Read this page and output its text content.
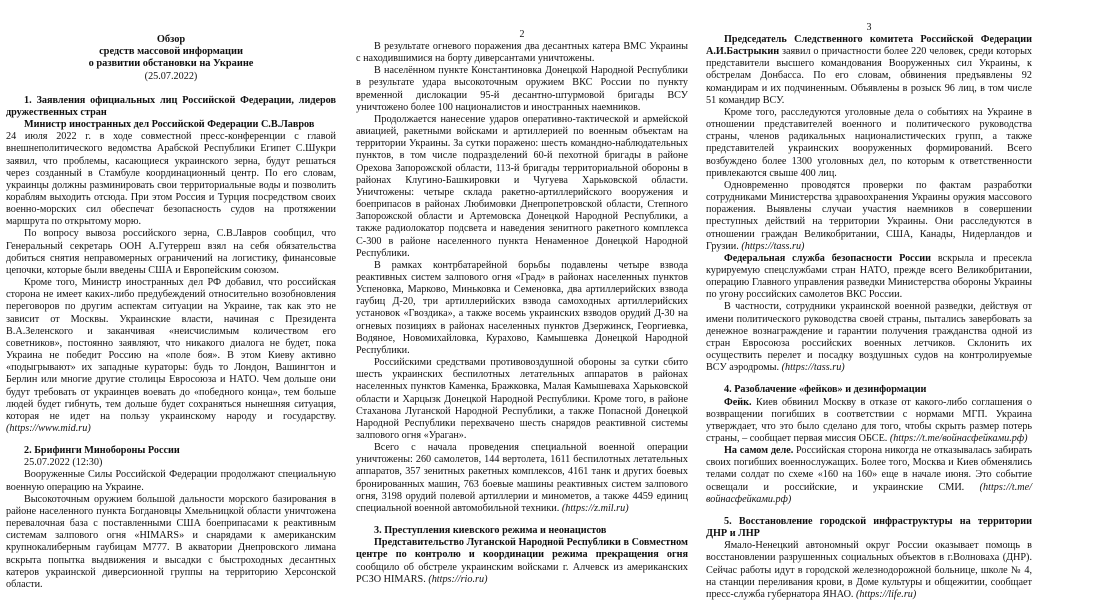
Обзор
средств массовой информации
о развитии обстановки на Украине
(25.07.2022)

1. Заявления официальных лиц Российской Федерации, лидеров дружественных стран

Министр иностранных дел Российской Федерации С.В.Лавров

24 июля 2022 г. в ходе совместной пресс-конференции с главой внешнеполитического ведомства Арабской Республики Египет С.Шукри заявил, что проблемы, касающиеся украинского зерна, будут решаться через созданный в Стамбуле координационный центр. По его словам, украинцы должны разминировать свои территориальные воды и позволить кораблям выходить отсюда. При этом Россия и Турция посредством своих военно-морских сил обеспечат безопасность судов на протяжении маршрута по открытому морю.

По вопросу вывоза российского зерна, С.В.Лавров сообщил, что Генеральный секретарь ООН А.Гутерреш взял на себя обязательства добиться снятия неправомерных ограничений на логистику, финансовые цепочки, которые были введены США и Европейским союзом.

Кроме того, Министр иностранных дел РФ добавил, что российская сторона не имеет каких-либо предубеждений относительно возобновления переговоров по другим аспектам ситуации на Украине, так как это не зависит от Москвы. Украинские власти, начиная с Президента В.А.Зеленского и заканчивая «неисчислимым количеством его советников», постоянно заявляют, что никакого диалога не будет, пока Украина не победит Россию на «поле боя». В этом Киеву активно «подыгрывают» их западные кураторы: будь то Лондон, Вашингтон и Берлин или многие другие столицы Евросоюза и НАТО. Чем дольше они будут требовать от украинцев воевать до «победного конца», тем больше людей будет гибнуть, тем дольше будет сохраняться нынешняя ситуация, которая не идет на пользу украинскому народу и государству. (https://www.mid.ru)

2. Брифинги Минобороны России

25.07.2022 (12:30)

Вооруженные Силы Российской Федерации продолжают специальную военную операцию на Украине.

Высокоточным оружием большой дальности морского базирования в районе населенного пункта Богдановцы Хмельницкой области уничтожена перевалочная база с поставленными США боеприпасами к реактивным системам залпового огня «HIMARS» и снарядами к американским крупнокалиберным гаубицам M777. В акватории Днепровского лимана вскрыта попытка выдвижения и высадки с быстроходных десантных катеров украинской диверсионной группы на территорию Херсонской области.

2

В результате огневого поражения два десантных катера ВМС Украины с находившимися на борту диверсантами уничтожены.

В населённом пункте Константиновка Донецкой Народной Республики в результате удара высокоточным оружием ВКС России по пункту временной дислокации 95-й десантно-штурмовой бригады ВСУ уничтожено более 100 националистов и иностранных наемников.

Продолжается нанесение ударов оперативно-тактической и армейской авиацией, ракетными войсками и артиллерией по военным объектам на территории Украины. За сутки поражено: шесть командно-наблюдательных пунктов, в том числе подразделений 60-й пехотной бригады в районе Орехова Запорожской области, 113-й бригады территориальной обороны в районах Клугино-Башкировки и Чугуева Харьковской области. Уничтожены: четыре склада ракетно-артиллерийского вооружения и боеприпасов в районах Любимовки Днепропетровской области, Степного Запорожской области и Артемовска Донецкой Народной Республики, а также радиолокатор подсвета и наведения зенитного ракетного комплекса С-300 в районе населенного пункта Ненаменное Донецкой Народной Республики.

В рамках контрбатарейной борьбы подавлены четыре взвода реактивных систем залпового огня «Град» в районах населенных пунктов Успеновка, Марково, Миньковка и Семеновка, два артиллерийских взвода гаубиц Д-20, три артиллерийских взвода самоходных артиллерийских установок «Гвоздика», а также восемь украинских взводов орудий Д-30 на огневых позициях в районах населенных пунктов Дзержинск, Георгиевка, Водяное, Новомихайловка, Курахово, Камышевка Донецкой Народной Республики.

Российскими средствами противовоздушной обороны за сутки сбито шесть украинских беспилотных летательных аппаратов в районах населенных пунктов Каменка, Бражковка, Малая Камышеваха Харьковской области и Харцызк Донецкой Народной Республики. Кроме того, в районе Стаханова Луганской Народной Республики, а также Попасной Донецкой Народной Республики перехвачено шесть снарядов реактивной системы залпового огня «Ураган».

Всего с начала проведения специальной военной операции уничтожены: 260 самолетов, 144 вертолета, 1611 беспилотных летательных аппаратов, 357 зенитных ракетных комплексов, 4161 танк и других боевых бронированных машин, 763 боевые машины реактивных систем залпового огня, 3198 орудий полевой артиллерии и минометов, а также 4459 единиц специальной военной автомобильной техники. (https://z.mil.ru)

3. Преступления киевского режима и неонацистов

Представительство Луганской Народной Республики в Совместном центре по контролю и координации режима прекращения огня сообщило об обстреле украинским войсками г. Алчевск из американских РСЗО HIMARS. (https://rio.ru)

3

Председатель Следственного комитета Российской Федерации А.И.Бастрыкин заявил о причастности более 220 человек, среди которых представители высшего командования Вооруженных сил Украины, к обстрелам Донбасса. По его словам, обвинения предъявлены 92 командирам и их подчиненным. Объявлены в розыск 96 лиц, в том числе 51 командир ВСУ.

Кроме того, расследуются уголовные дела о событиях на Украине в отношении представителей военного и политического руководства страны, членов радикальных националистических групп, а также представителей украинских вооруженных формирований. Всего возбуждено более 1300 уголовных дел, по которым к ответственности привлекаются свыше 400 лиц.

Одновременно проводятся проверки по фактам разработки сотрудниками Министерства здравоохранения Украины оружия массового поражения. Выявлены случаи участия наемников в совершении преступных действий на территории Украины. Они расследуются в отношении граждан Великобритании, США, Канады, Нидерландов и Грузии. (https://tass.ru)

Федеральная служба безопасности России вскрыла и пресекла курируемую спецслужбами стран НАТО, прежде всего Великобритании, операцию Главного управления разведки Министерства обороны Украины по угону российских самолетов ВКС России.

В частности, сотрудники украинской военной разведки, действуя от имени политического руководства своей страны, пытались завербовать за денежное вознаграждение и гарантии получения гражданства одной из стран Евросоюза российских военных летчиков. Склонить их осуществить перелет и посадку воздушных судов на контролируемые ВСУ аэродромы. (https://tass.ru)

4. Разоблачение «фейков» и дезинформации

Фейк. Киев обвинил Москву в отказе от какого-либо соглашения о возвращении погибших в соответствии с нормами МГП. Украина утверждает, что это было сделано для того, чтобы скрыть размер потерь страны, – сообщает первая миссия ОБСЕ. (https://t.me/войнасфейками.рф)

На самом деле. Российская сторона никогда не отказывалась забирать своих погибших военнослужащих. Более того, Москва и Киев обменялись телами солдат по схеме «160 на 160» еще в начале июня. Это событие освещали и российские, и украинские СМИ. (https://t.me/войнасфейками.рф)

5. Восстановление городской инфраструктуры на территории ДНР и ЛНР

Ямало-Ненецкий автономный округ России оказывает помощь в восстановлении разрушенных социальных объектов в г.Волноваха (ДНР). Сейчас работы идут в городской железнодорожной больнице, школе № 4, на станции переливания крови, в Доме культуры и общежитии, сообщает пресс-служба губернатора ЯНАО. (https://life.ru)
